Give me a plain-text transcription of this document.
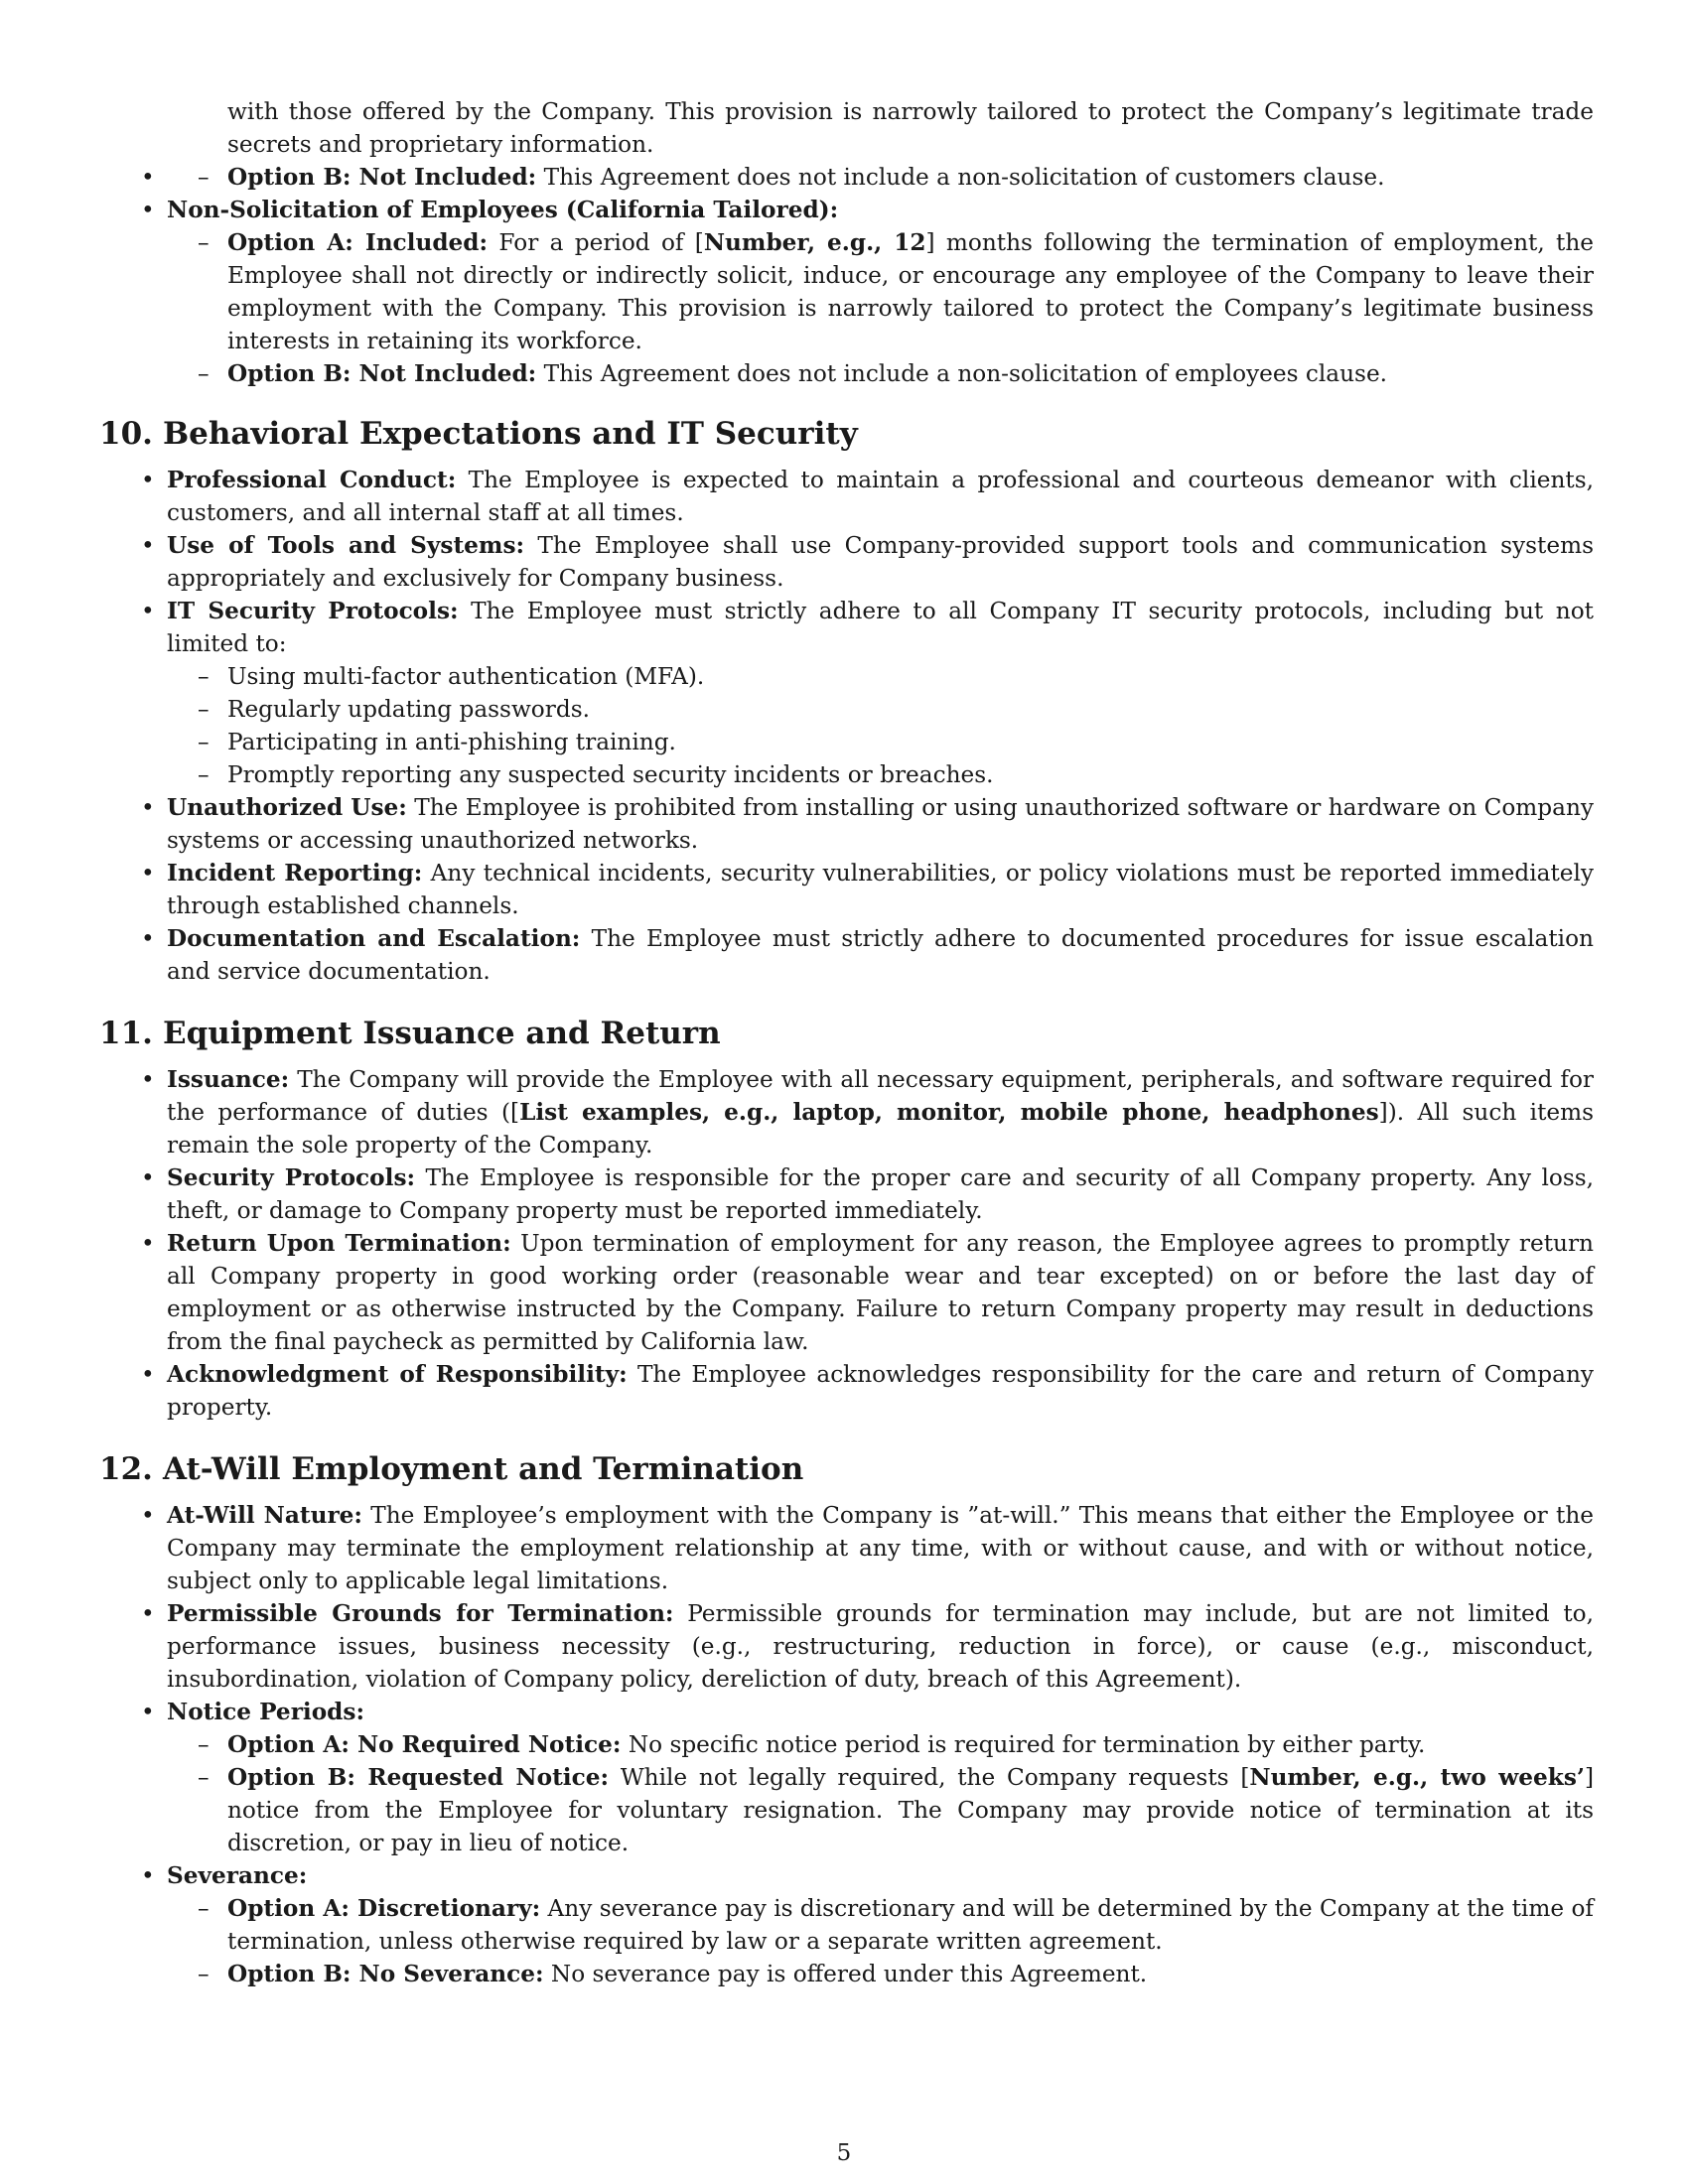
with those offered by the Company. This provision is narrowly tailored to protect the Company’s legitimate trade secrets and proprietary information.
– • Option B: Not Included: This Agreement does not include a non-solicitation of customers clause.
• Non-Solicitation of Employees (California Tailored):
– Option A: Included: For a period of [Number, e.g., 12] months following the termination of employment, the Employee shall not directly or indirectly solicit, induce, or encourage any employee of the Company to leave their employment with the Company. This provision is narrowly tailored to protect the Company’s legitimate business interests in retaining its workforce.
– Option B: Not Included: This Agreement does not include a non-solicitation of employees clause.
10. Behavioral Expectations and IT Security
• Professional Conduct: The Employee is expected to maintain a professional and courteous demeanor with clients, customers, and all internal staff at all times.
• Use of Tools and Systems: The Employee shall use Company-provided support tools and communication systems appropriately and exclusively for Company business.
• IT Security Protocols: The Employee must strictly adhere to all Company IT security protocols, including but not limited to:
– Using multi-factor authentication (MFA).
– Regularly updating passwords.
– Participating in anti-phishing training.
– Promptly reporting any suspected security incidents or breaches.
• Unauthorized Use: The Employee is prohibited from installing or using unauthorized software or hardware on Company systems or accessing unauthorized networks.
• Incident Reporting: Any technical incidents, security vulnerabilities, or policy violations must be reported immediately through established channels.
• Documentation and Escalation: The Employee must strictly adhere to documented procedures for issue escalation and service documentation.
11. Equipment Issuance and Return
• Issuance: The Company will provide the Employee with all necessary equipment, peripherals, and software required for the performance of duties ([List examples, e.g., laptop, monitor, mobile phone, headphones]). All such items remain the sole property of the Company.
• Security Protocols: The Employee is responsible for the proper care and security of all Company property. Any loss, theft, or damage to Company property must be reported immediately.
• Return Upon Termination: Upon termination of employment for any reason, the Employee agrees to promptly return all Company property in good working order (reasonable wear and tear excepted) on or before the last day of employment or as otherwise instructed by the Company. Failure to return Company property may result in deductions from the final paycheck as permitted by California law.
• Acknowledgment of Responsibility: The Employee acknowledges responsibility for the care and return of Company property.
12. At-Will Employment and Termination
• At-Will Nature: The Employee’s employment with the Company is ”at-will.” This means that either the Employee or the Company may terminate the employment relationship at any time, with or without cause, and with or without notice, subject only to applicable legal limitations.
• Permissible Grounds for Termination: Permissible grounds for termination may include, but are not limited to, performance issues, business necessity (e.g., restructuring, reduction in force), or cause (e.g., misconduct, insubordination, violation of Company policy, dereliction of duty, breach of this Agreement).
• Notice Periods:
– Option A: No Required Notice: No specific notice period is required for termination by either party.
– Option B: Requested Notice: While not legally required, the Company requests [Number, e.g., two weeks’] notice from the Employee for voluntary resignation. The Company may provide notice of termination at its discretion, or pay in lieu of notice.
• Severance:
– Option A: Discretionary: Any severance pay is discretionary and will be determined by the Company at the time of termination, unless otherwise required by law or a separate written agreement.
– Option B: No Severance: No severance pay is offered under this Agreement.
5
